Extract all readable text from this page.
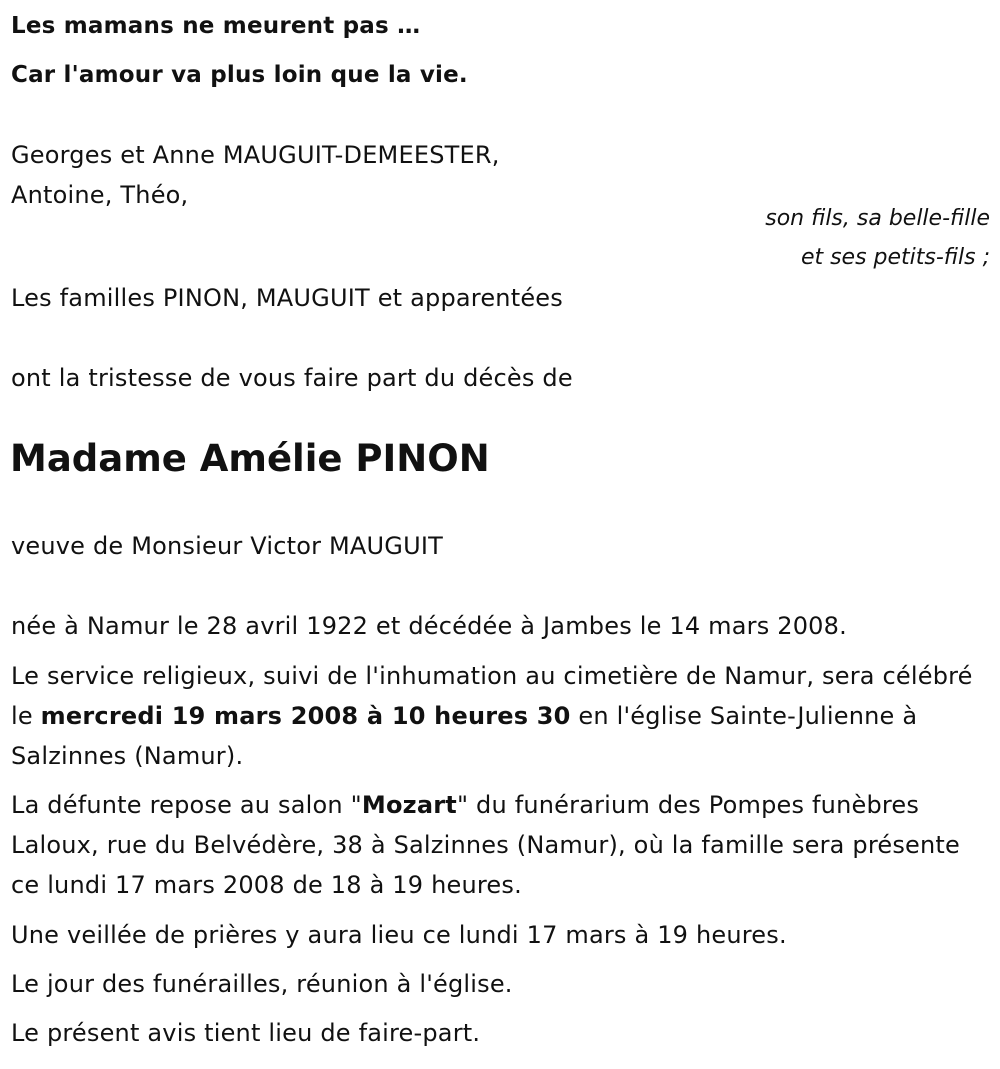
Les mamans ne meurent pas …
Car l'amour va plus loin que la vie.
Georges et Anne MAUGUIT-DEMEESTER,
Antoine, Théo,
son fils, sa belle-fille
et ses petits-fils ;
Les familles PINON, MAUGUIT et apparentées
ont la tristesse de vous faire part du décès de
Madame Amélie PINON
veuve de Monsieur Victor MAUGUIT
née à Namur le 28 avril 1922 et décédée à Jambes le 14 mars 2008.
Le service religieux, suivi de l'inhumation au cimetière de Namur, sera célébré le mercredi 19 mars 2008 à 10 heures 30 en l'église Sainte-Julienne à Salzinnes (Namur).
La défunte repose au salon "Mozart" du funérarium des Pompes funèbres Laloux, rue du Belvédère, 38 à Salzinnes (Namur), où la famille sera présente ce lundi 17 mars 2008 de 18 à 19 heures.
Une veillée de prières y aura lieu ce lundi 17 mars à 19 heures.
Le jour des funérailles, réunion à l'église.
Le présent avis tient lieu de faire-part.
